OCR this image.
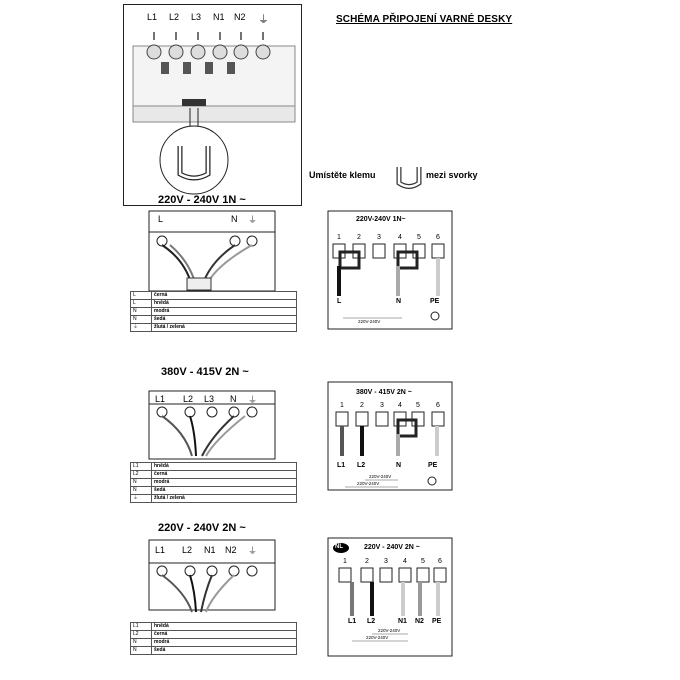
SCHÉMA PŘIPOJENÍ VARNÉ DESKY
L1 L2 L3 N1 N2 ⏚
Umístěte klemu	mezi svorky
220V - 240V 1N ~
L	N ⏚
L	černá
L	hnědá
N	modrá
N	šedá
⏚	žlutá / zelená
220V-240V 1N~
1 2 3 4 5 6
L	N	PE
220V-240V
380V - 415V 2N ~
L1 L2 L3 N ⏚
L1	hnědá
L2	černá
N	modrá
N	šedá
⏚	žlutá / zelená
380V - 415V 2N ~
1 2 3 4 5 6
L1 L2	N	PE
220V-240V
220V-240V
220V - 240V 2N ~
L1 L2 N1 N2 ⏚
L1	hnědá
L2	černá
N	modrá
N	šedá
NL	220V - 240V 2N ~
1	2 3 4 5 6
L1 L2	N1 N2 PE
220V-240V
220V-240V
